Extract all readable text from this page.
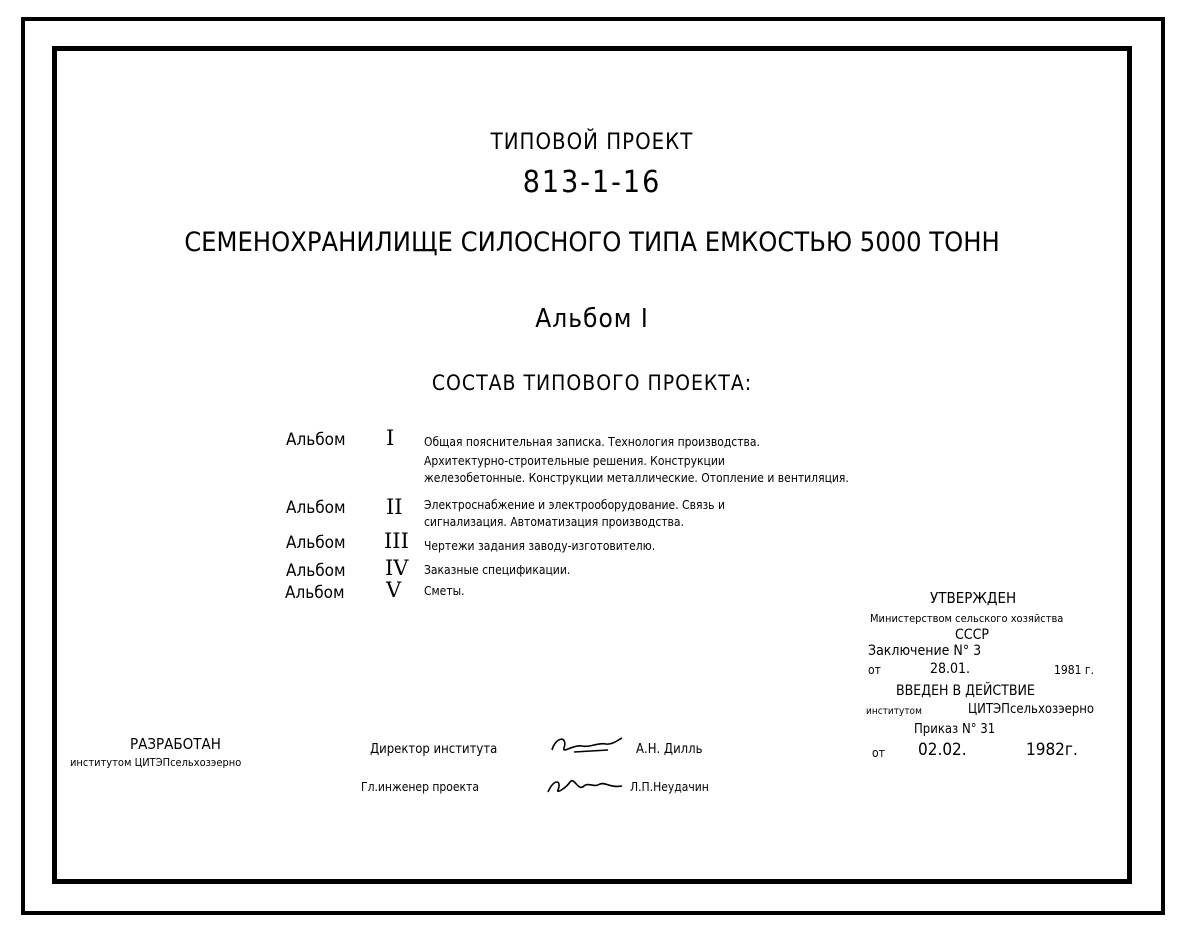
ТИПОВОЙ ПРОЕКТ
813-1-16
СЕМЕНОХРАНИЛИЩЕ СИЛОСНОГО ТИПА ЕМКОСТЬЮ 5000 ТОНН
Альбом I
СОСТАВ ТИПОВОГО ПРОЕКТА:
Альбом I Общая пояснительная записка. Технология производства.
Архитектурно-строительные решения. Конструкции
железобетонные. Конструкции металлические. Отопление и вентиляция.
Альбом II Электроснабжение и электрооборудование. Связь и
сигнализация. Автоматизация производства.
Альбом III Чертежи задания заводу-изготовителю.
Альбом IV Заказные спецификации.
Альбом V Сметы.	УТВЕРЖДЕН
Министерством сельского хозяйства
СССР
Заключение N° 3
от	28.01.	1981 г.
ВВЕДЕН В ДЕЙСТВИЕ
институтом	ЦИТЭПсельхозэерно
Приказ N° 31
от 02.02.	1982г.
РАЗРАБОТАН
институтом ЦИТЭПсельхозэерно
Директор института	А.Н. Дилль
Гл.инженер проекта	Л.П.Неудачин
